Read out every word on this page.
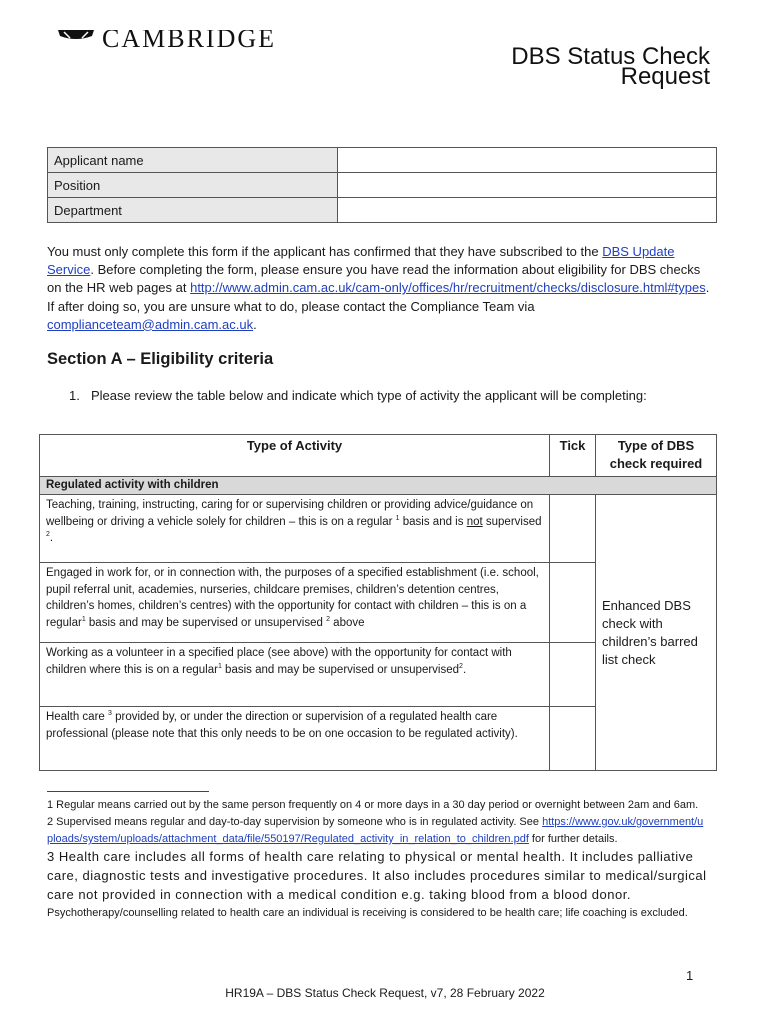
CAMBRIDGE
DBS Status Check
Request
Applicant name	
Position	
Department	
You must only complete this form if the applicant has confirmed that they have subscribed to the DBS Update Service. Before completing the form, please ensure you have read the information about eligibility for DBS checks on the HR web pages at http://www.admin.cam.ac.uk/cam-only/offices/hr/recruitment/checks/disclosure.html#types. If after doing so, you are unsure what to do, please contact the Compliance Team via complianceteam@admin.cam.ac.uk.
Section A – Eligibility criteria
1. Please review the table below and indicate which type of activity the applicant will be completing:
Type of Activity	Tick	Type of DBS check required
Regulated activity with children		
Teaching, training, instructing, caring for or supervising children or providing advice/guidance on wellbeing or driving a vehicle solely for children – this is on a regular $^1$ basis and is not supervised $^2$.		Enhanced DBS check with children’s barred list check
Engaged in work for, or in connection with, the purposes of a specified establishment (i.e. school, pupil referral unit, academies, nurseries, childcare premises, children’s detention centres, children’s homes, children’s centres) with the opportunity for contact with children – this is on a regular$^1$ basis and may be supervised or unsupervised $^2$ above		
Working as a volunteer in a specified place (see above) with the opportunity for contact with children where this is on a regular$^1$ basis and may be supervised or unsupervised$^2$.		
Health care $^3$ provided by, or under the direction or supervision of a regulated health care professional (please note that this only needs to be on one occasion to be regulated activity).		

1 Regular means carried out by the same person frequently on 4 or more days in a 30 day period or overnight between 2am and 6am.

2 Supervised means regular and day-to-day supervision by someone who is in regulated activity. See https://www.gov.uk/government/uploads/system/uploads/attachment_data/file/550197/Regulated_activity_in_relation_to_children.pdf for further details.

3 Health care includes all forms of health care relating to physical or mental health. It includes palliative care, diagnostic tests and investigative procedures. It also includes procedures similar to medical/surgical care not provided in connection with a medical condition e.g. taking blood from a blood donor. Psychotherapy/counselling related to health care an individual is receiving is considered to be health care; life coaching is excluded.

1
HR19A – DBS Status Check Request, v7, 28 February 2022
